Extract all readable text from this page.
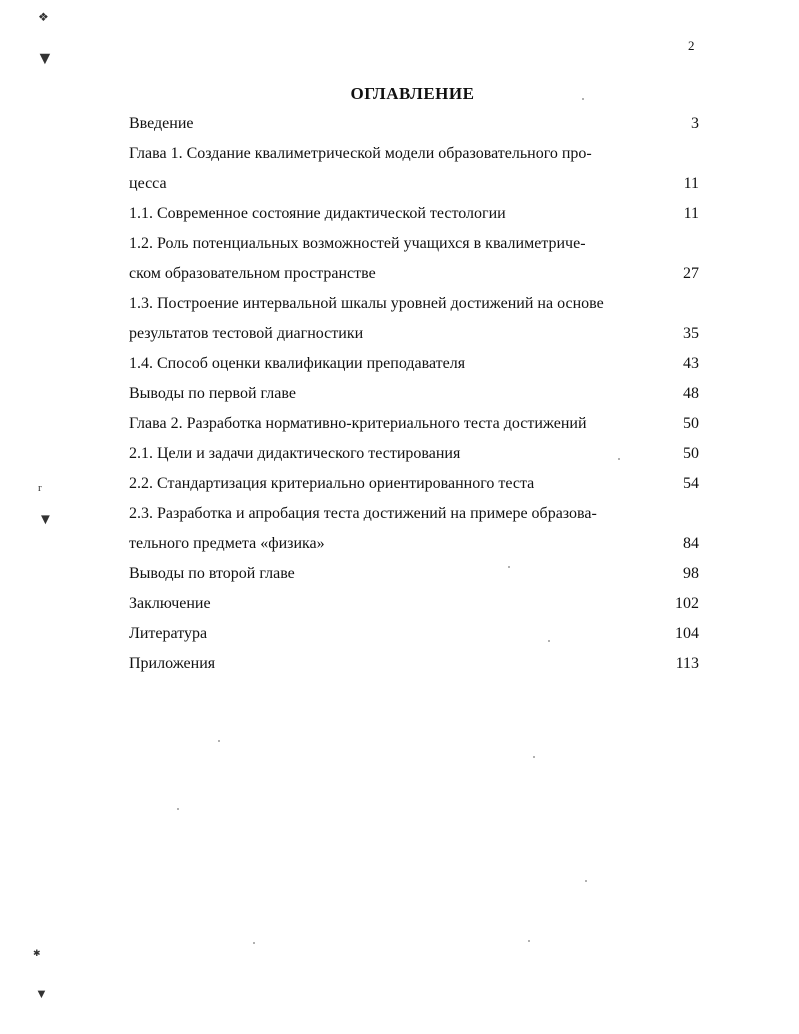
2
ОГЛАВЛЕНИЕ
Введение	3
Глава 1. Создание квалиметрической модели образовательного про-
цесса	11
1.1. Современное состояние дидактической тестологии	11
1.2. Роль потенциальных возможностей учащихся в квалиметриче-
ском образовательном пространстве	27
1.3. Построение интервальной шкалы уровней достижений на основе
результатов тестовой диагностики	35
1.4. Способ оценки квалификации преподавателя	43
Выводы по первой главе	48
Глава 2. Разработка нормативно-критериального теста достижений	50
2.1. Цели и задачи дидактического тестирования	50
2.2. Стандартизация критериально ориентированного теста	54
2.3. Разработка и апробация теста достижений на примере образова-
тельного предмета «физика»	84
Выводы по второй главе	98
Заключение	102
Литература	104
Приложения	113
❖
▼
r
▼
✱
▼
